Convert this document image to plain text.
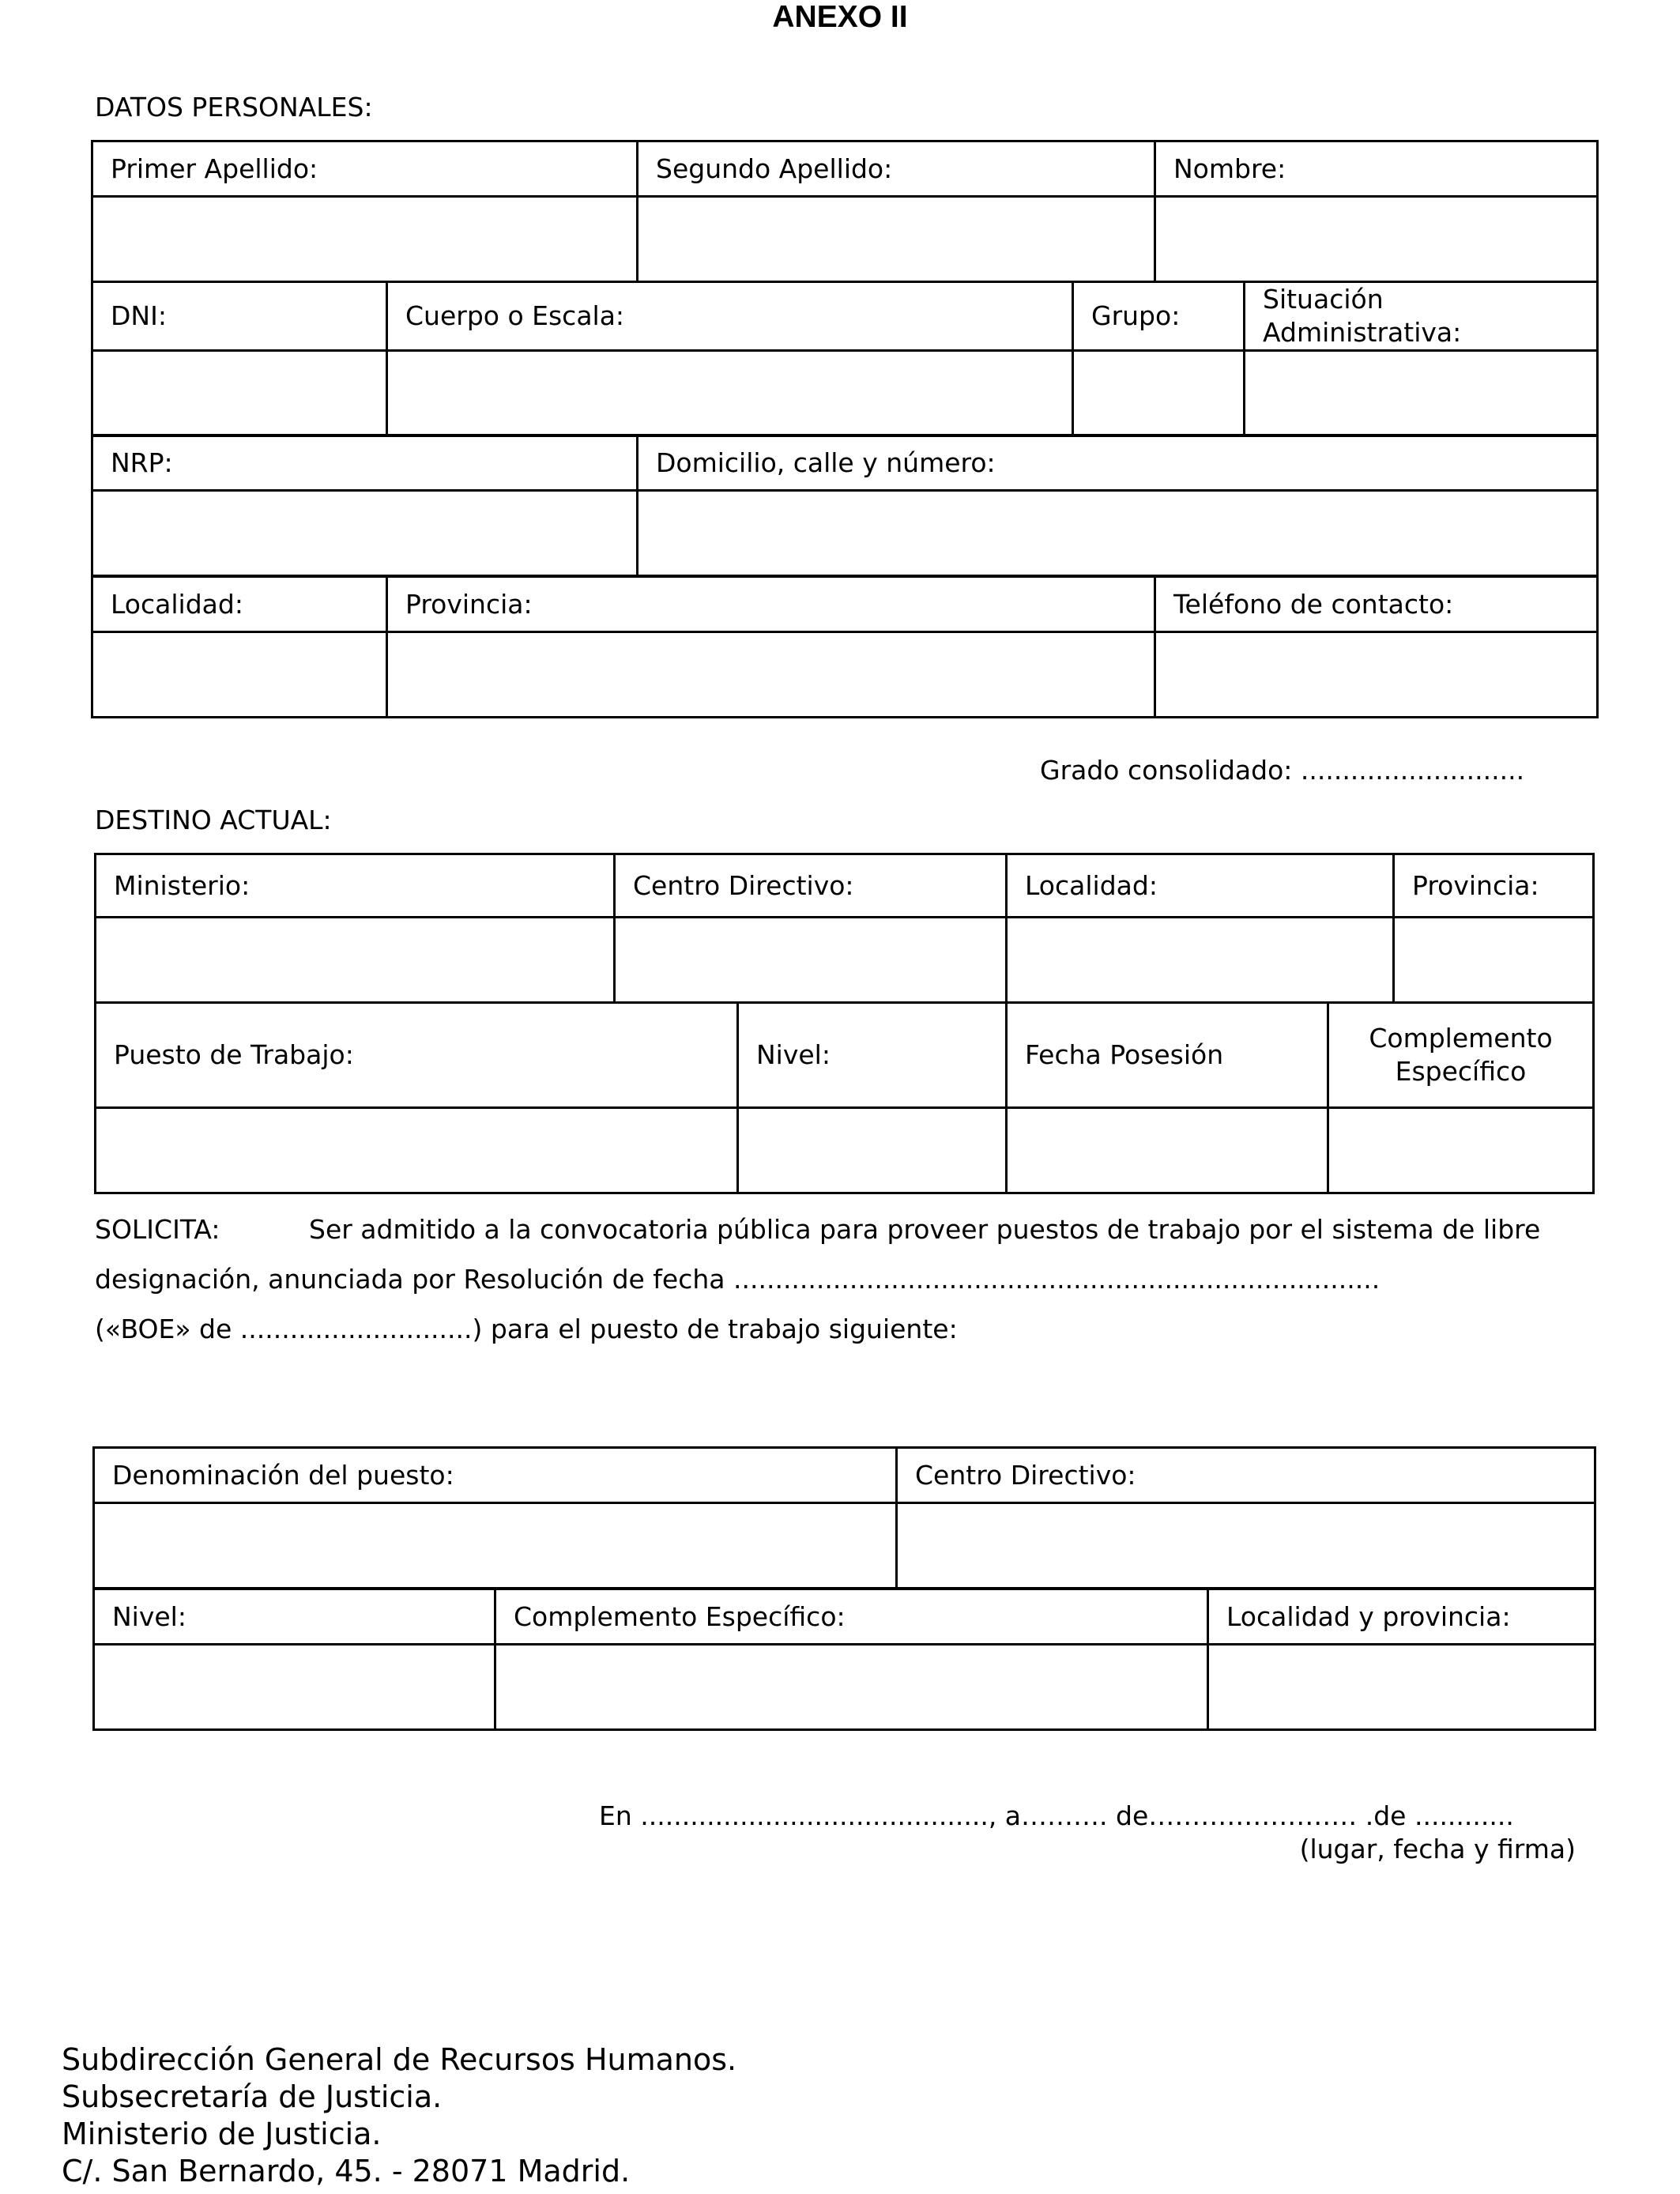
ANEXO II
DATOS PERSONALES:
Primer Apellido:	Segundo Apellido:	Nombre:

DNI:	Cuerpo o Escala:	Grupo:	Situación
Administrativa:

NRP:	Domicilio, calle y número:

Localidad:	Provincia:	Teléfono de contacto:

Grado consolidado: ...........................
DESTINO ACTUAL:
Ministerio:	Centro Directivo:	Localidad:	Provincia:

Puesto de Trabajo:	Nivel:	Fecha Posesión	Complemento
Específico

SOLICITA:	Ser admitido a la convocatoria pública para proveer puestos de trabajo por el sistema de libre
designación, anunciada por Resolución de fecha ..............................................................................
(«BOE» de ............................) para el puesto de trabajo siguiente:
Denominación del puesto:	Centro Directivo:

Nivel:	Complemento Específico:	Localidad y provincia:

En .........................................., a………. de…………………… .de ............
(lugar, fecha y firma)
Subdirección General de Recursos Humanos.
Subsecretaría de Justicia.
Ministerio de Justicia.
C/. San Bernardo, 45. - 28071 Madrid.
